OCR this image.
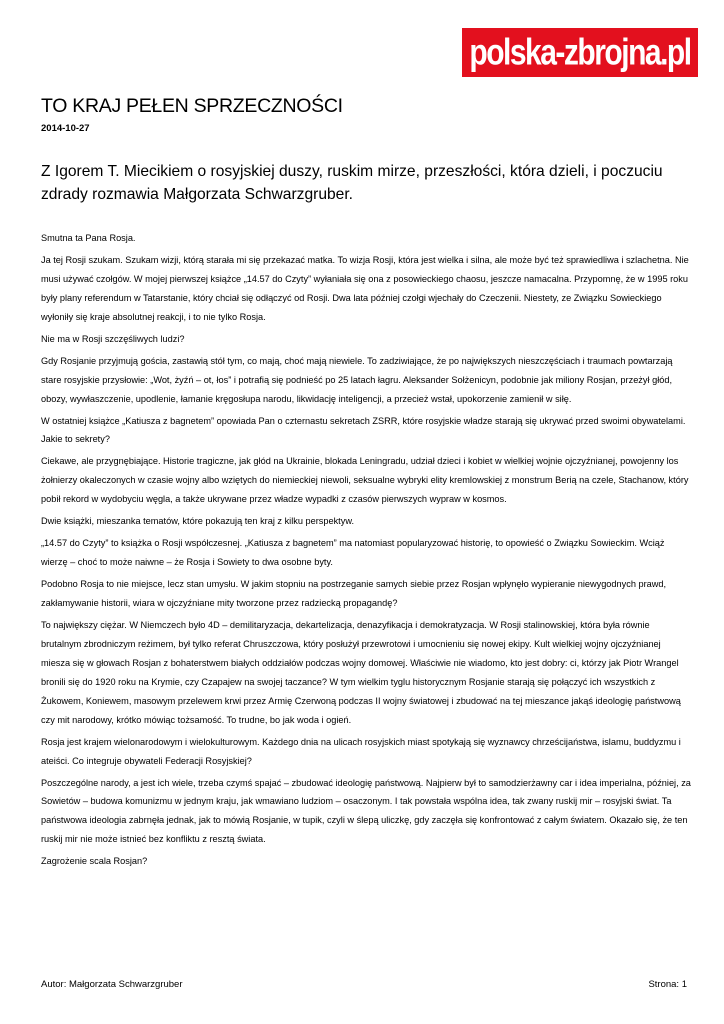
polska-zbrojna.pl
TO KRAJ PEŁEN SPRZECZNOŚCI
2014-10-27

Z Igorem T. Miecikiem o rosyjskiej duszy, ruskim mirze, przeszłości, która dzieli, i poczuciu zdrady rozmawia Małgorzata Schwarzgruber.

Smutna ta Pana Rosja.

Ja tej Rosji szukam. Szukam wizji, którą starała mi się przekazać matka. To wizja Rosji, która jest wielka i silna, ale może być też sprawiedliwa i szlachetna. Nie musi używać czołgów. W mojej pierwszej książce „14.57 do Czyty” wyłaniała się ona z posowieckiego chaosu, jeszcze namacalna. Przypomnę, że w 1995 roku były plany referendum w Tatarstanie, który chciał się odłączyć od Rosji. Dwa lata później czołgi wjechały do Czeczenii. Niestety, ze Związku Sowieckiego wyłoniły się kraje absolutnej reakcji, i to nie tylko Rosja.

Nie ma w Rosji szczęśliwych ludzi?

Gdy Rosjanie przyjmują gościa, zastawią stół tym, co mają, choć mają niewiele. To zadziwiające, że po największych nieszczęściach i traumach powtarzają stare rosyjskie przysłowie: „Wot, żyźń – ot, łos” i potrafią się podnieść po 25 latach łagru. Aleksander Sołżenicyn, podobnie jak miliony Rosjan, przeżył głód, obozy, wywłaszczenie, upodlenie, łamanie kręgosłupa narodu, likwidację inteligencji, a przecież wstał, upokorzenie zamienił w siłę.

W ostatniej książce „Katiusza z bagnetem” opowiada Pan o czternastu sekretach ZSRR, które rosyjskie władze starają się ukrywać przed swoimi obywatelami. Jakie to sekrety?

Ciekawe, ale przygnębiające. Historie tragiczne, jak głód na Ukrainie, blokada Leningradu, udział dzieci i kobiet w wielkiej wojnie ojczyźnianej, powojenny los żołnierzy okaleczonych w czasie wojny albo wziętych do niemieckiej niewoli, seksualne wybryki elity kremlowskiej z monstrum Berią na czele, Stachanow, który pobił rekord w wydobyciu węgla, a także ukrywane przez władze wypadki z czasów pierwszych wypraw w kosmos.

Dwie książki, mieszanka tematów, które pokazują ten kraj z kilku perspektyw.

„14.57 do Czyty” to książka o Rosji współczesnej. „Katiusza z bagnetem” ma natomiast popularyzować historię, to opowieść o Związku Sowieckim. Wciąż wierzę – choć to może naiwne – że Rosja i Sowiety to dwa osobne byty.

Podobno Rosja to nie miejsce, lecz stan umysłu. W jakim stopniu na postrzeganie samych siebie przez Rosjan wpłynęło wypieranie niewygodnych prawd, zakłamywanie historii, wiara w ojczyźniane mity tworzone przez radziecką propagandę?

To największy ciężar. W Niemczech było 4D – demilitaryzacja, dekartelizacja, denazyfikacja i demokratyzacja. W Rosji stalinowskiej, która była równie brutalnym zbrodniczym reżimem, był tylko referat Chruszczowa, który posłużył przewrotowi i umocnieniu się nowej ekipy. Kult wielkiej wojny ojczyźnianej miesza się w głowach Rosjan z bohaterstwem białych oddziałów podczas wojny domowej. Właściwie nie wiadomo, kto jest dobry: ci, którzy jak Piotr Wrangel bronili się do 1920 roku na Krymie, czy Czapajew na swojej taczance? W tym wielkim tyglu historycznym Rosjanie starają się połączyć ich wszystkich z Żukowem, Koniewem, masowym przelewem krwi przez Armię Czerwoną podczas II wojny światowej i zbudować na tej mieszance jakąś ideologię państwową czy mit narodowy, krótko mówiąc tożsamość. To trudne, bo jak woda i ogień.

Rosja jest krajem wielonarodowym i wielokulturowym. Każdego dnia na ulicach rosyjskich miast spotykają się wyznawcy chrześcijaństwa, islamu, buddyzmu i ateiści. Co integruje obywateli Federacji Rosyjskiej?

Poszczególne narody, a jest ich wiele, trzeba czymś spajać – zbudować ideologię państwową. Najpierw był to samodzierżawny car i idea imperialna, później, za Sowietów – budowa komunizmu w jednym kraju, jak wmawiano ludziom – osaczonym. I tak powstała wspólna idea, tak zwany ruskij mir – rosyjski świat. Ta państwowa ideologia zabrnęła jednak, jak to mówią Rosjanie, w tupik, czyli w ślepą uliczkę, gdy zaczęła się konfrontować z całym światem. Okazało się, że ten ruskij mir nie może istnieć bez konfliktu z resztą świata.

Zagrożenie scala Rosjan?

Autor: Małgorzata Schwarzgruber	Strona: 1
